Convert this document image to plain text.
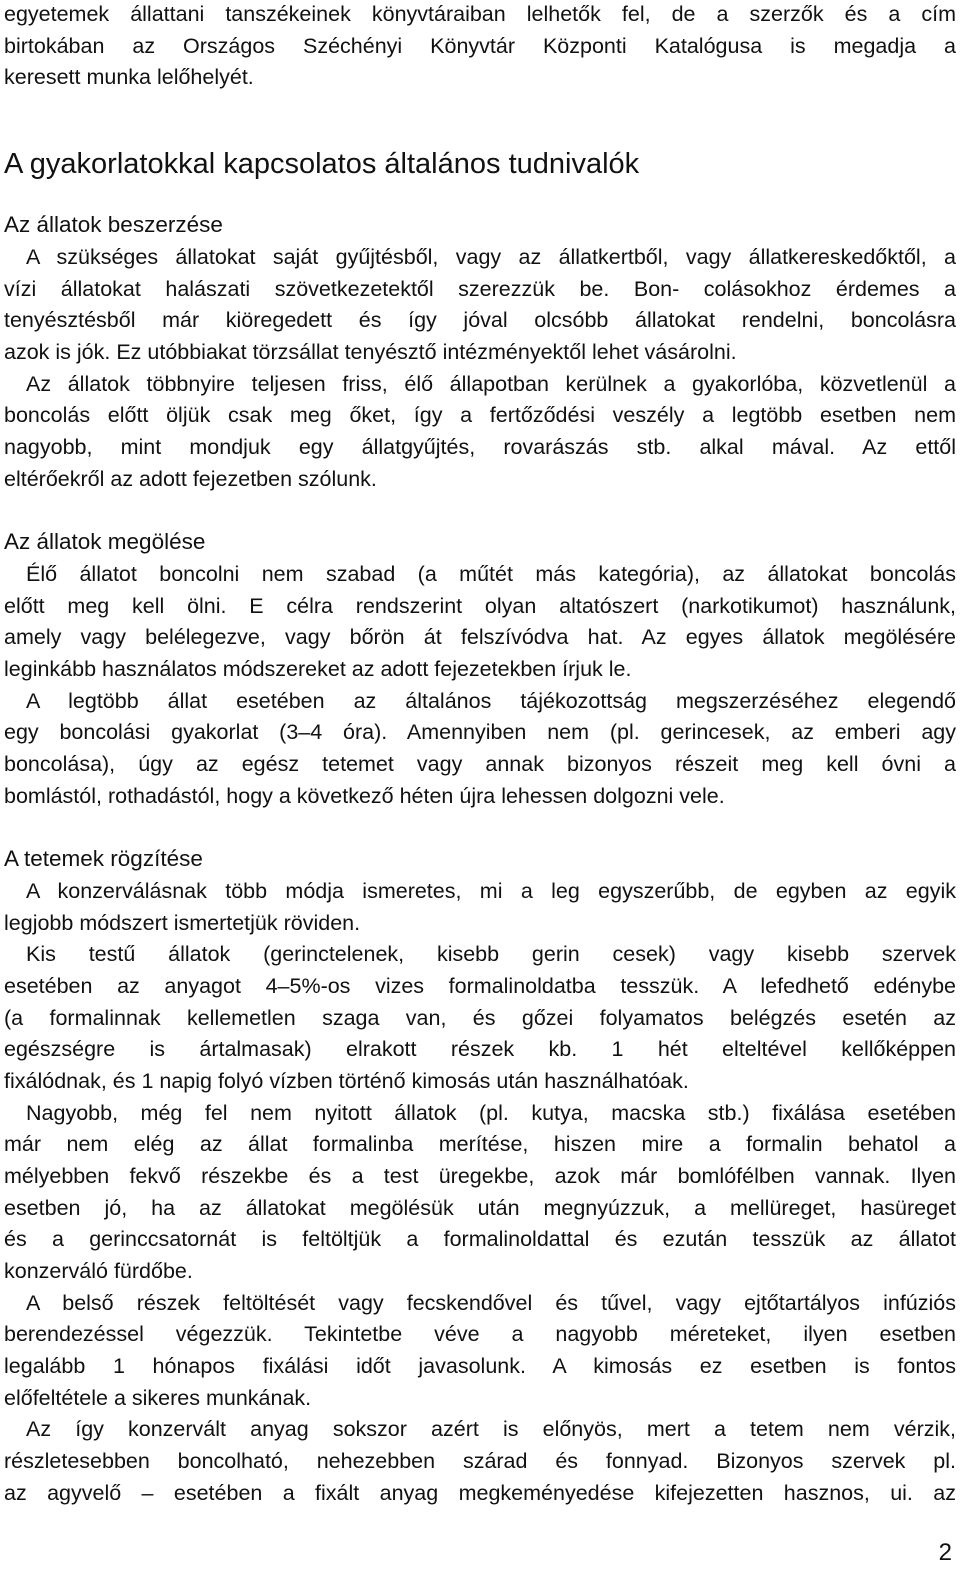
egyetemek állattani tanszékeinek könyvtáraiban lelhetők fel, de a szerzők és a cím
birtokában az Országos Széchényi Könyvtár Központi Katalógusa is megadja a
keresett munka lelőhelyét.
A gyakorlatokkal kapcsolatos általános tudnivalók
Az állatok beszerzése
A szükséges állatokat saját gyűjtésből, vagy az állatkertből, vagy állatkereskedőktől, a
vízi állatokat halászati szövetkezetektől szerezzük be. Bon- colásokhoz érdemes a
tenyésztésből már kiöregedett és így jóval olcsóbb állatokat rendelni, boncolásra
azok is jók. Ez utóbbiakat törzsállat tenyésztő intézményektől lehet vásárolni.
Az állatok többnyire teljesen friss, élő állapotban kerülnek a gyakorlóba, közvetlenül a
boncolás előtt öljük csak meg őket, így a fertőződési veszély a legtöbb esetben nem
nagyobb, mint mondjuk egy állatgyűjtés, rovarászás stb. alkal mával. Az ettől
eltérőekről az adott fejezetben szólunk.
Az állatok megölése
Élő állatot boncolni nem szabad (a műtét más kategória), az állatokat boncolás
előtt meg kell ölni. E célra rendszerint olyan altatószert (narkotikumot) használunk,
amely vagy belélegezve, vagy bőrön át felszívódva hat. Az egyes állatok megölésére
leginkább használatos módszereket az adott fejezetekben írjuk le.
A legtöbb állat esetében az általános tájékozottság megszerzéséhez elegendő
egy boncolási gyakorlat (3–4 óra). Amennyiben nem (pl. gerincesek, az emberi agy
boncolása), úgy az egész tetemet vagy annak bizonyos részeit meg kell óvni a
bomlástól, rothadástól, hogy a következő héten újra lehessen dolgozni vele.
A tetemek rögzítése
A konzerválásnak több módja ismeretes, mi a leg egyszerűbb, de egyben az egyik
legjobb módszert ismertetjük röviden.
Kis testű állatok (gerinctelenek, kisebb gerin cesek) vagy kisebb szervek
esetében az anyagot 4–5%-os vizes formalinoldatba tesszük. A lefedhető edénybe
(a formalinnak kellemetlen szaga van, és gőzei folyamatos belégzés esetén az
egészségre is ártalmasak) elrakott részek kb. 1 hét elteltével kellőképpen
fixálódnak, és 1 napig folyó vízben történő kimosás után használhatóak.
Nagyobb, még fel nem nyitott állatok (pl. kutya, macska stb.) fixálása esetében
már nem elég az állat formalinba merítése, hiszen mire a formalin behatol a
mélyebben fekvő részekbe és a test üregekbe, azok már bomlófélben vannak. Ilyen
esetben jó, ha az állatokat megölésük után megnyúzzuk, a mellüreget, hasüreget
és a gerinccsatornát is feltöltjük a formalinoldattal és ezután tesszük az állatot
konzerváló fürdőbe.
A belső részek feltöltését vagy fecskendővel és tűvel, vagy ejtőtartályos infúziós
berendezéssel végezzük. Tekintetbe véve a nagyobb méreteket, ilyen esetben
legalább 1 hónapos fixálási időt javasolunk. A kimosás ez esetben is fontos
előfeltétele a sikeres munkának.
Az így konzervált anyag sokszor azért is előnyös, mert a tetem nem vérzik,
részletesebben boncolható, nehezebben szárad és fonnyad. Bizonyos szervek pl.
az agyvelő – esetében a fixált anyag megkeményedése kifejezetten hasznos, ui. az
2
